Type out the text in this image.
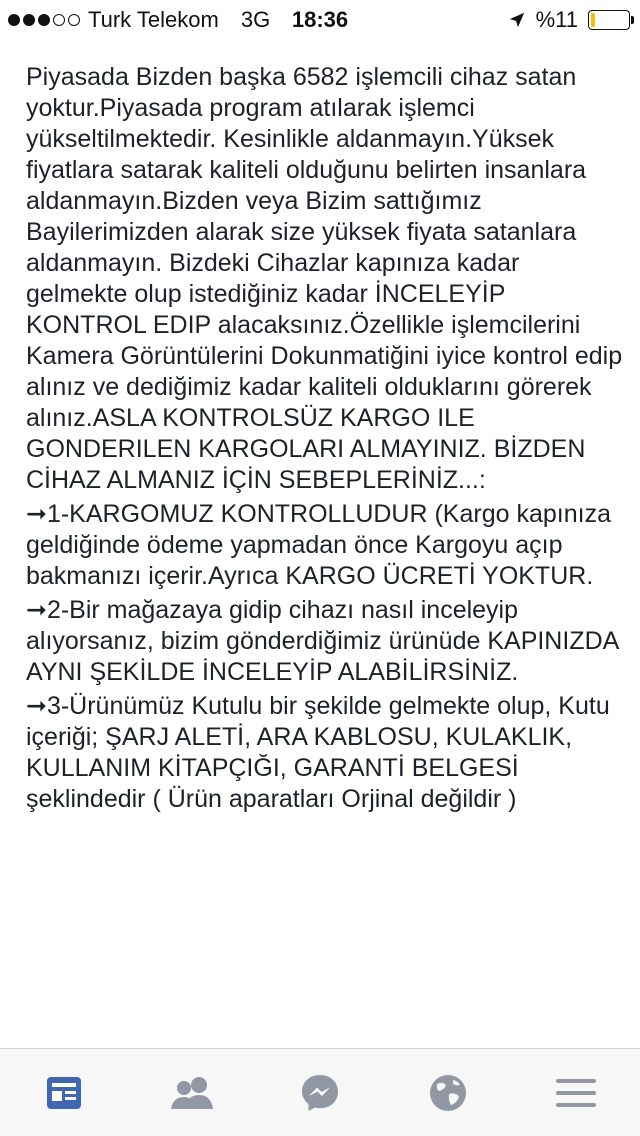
Turk Telekom 3G 18:36	%11

Piyasada Bizden başka 6582 işlemcili cihaz satan yoktur.Piyasada program atılarak işlemci yükseltilmektedir. Kesinlikle aldanmayın.Yüksek fiyatlara satarak kaliteli olduğunu belirten insanlara aldanmayın.Bizden veya Bizim sattığımız Bayilerimizden alarak size yüksek fiyata satanlara aldanmayın. Bizdeki Cihazlar kapınıza kadar gelmekte olup istediğiniz kadar İNCELEYİP KONTROL EDIP alacaksınız.Özellikle işlemcilerini Kamera Görüntülerini Dokunmatiğini iyice kontrol edip alınız ve dediğimiz kadar kaliteli olduklarını görerek alınız.ASLA KONTROLSÜZ KARGO ILE GONDERILEN KARGOLARI ALMAYINIZ. BİZDEN CİHAZ ALMANIZ İÇİN SEBEPLERİNİZ...:

➞1-KARGOMUZ KONTROLLUDUR (Kargo kapınıza geldiğinde ödeme yapmadan önce Kargoyu açıp bakmanızı içerir.Ayrıca KARGO ÜCRETİ YOKTUR.

➞2-Bir mağazaya gidip cihazı nasıl inceleyip alıyorsanız, bizim gönderdiğimiz ürünüde KAPINIZDA AYNI ŞEKİLDE İNCELEYİP ALABİLİRSİNİZ.

➞3-Ürünümüz Kutulu bir şekilde gelmekte olup, Kutu içeriği; ŞARJ ALETİ, ARA KABLOSU, KULAKLIK, KULLANIM KİTAPÇIĞI, GARANTİ BELGESİ şeklindedir ( Ürün aparatları Orjinal değildir )
